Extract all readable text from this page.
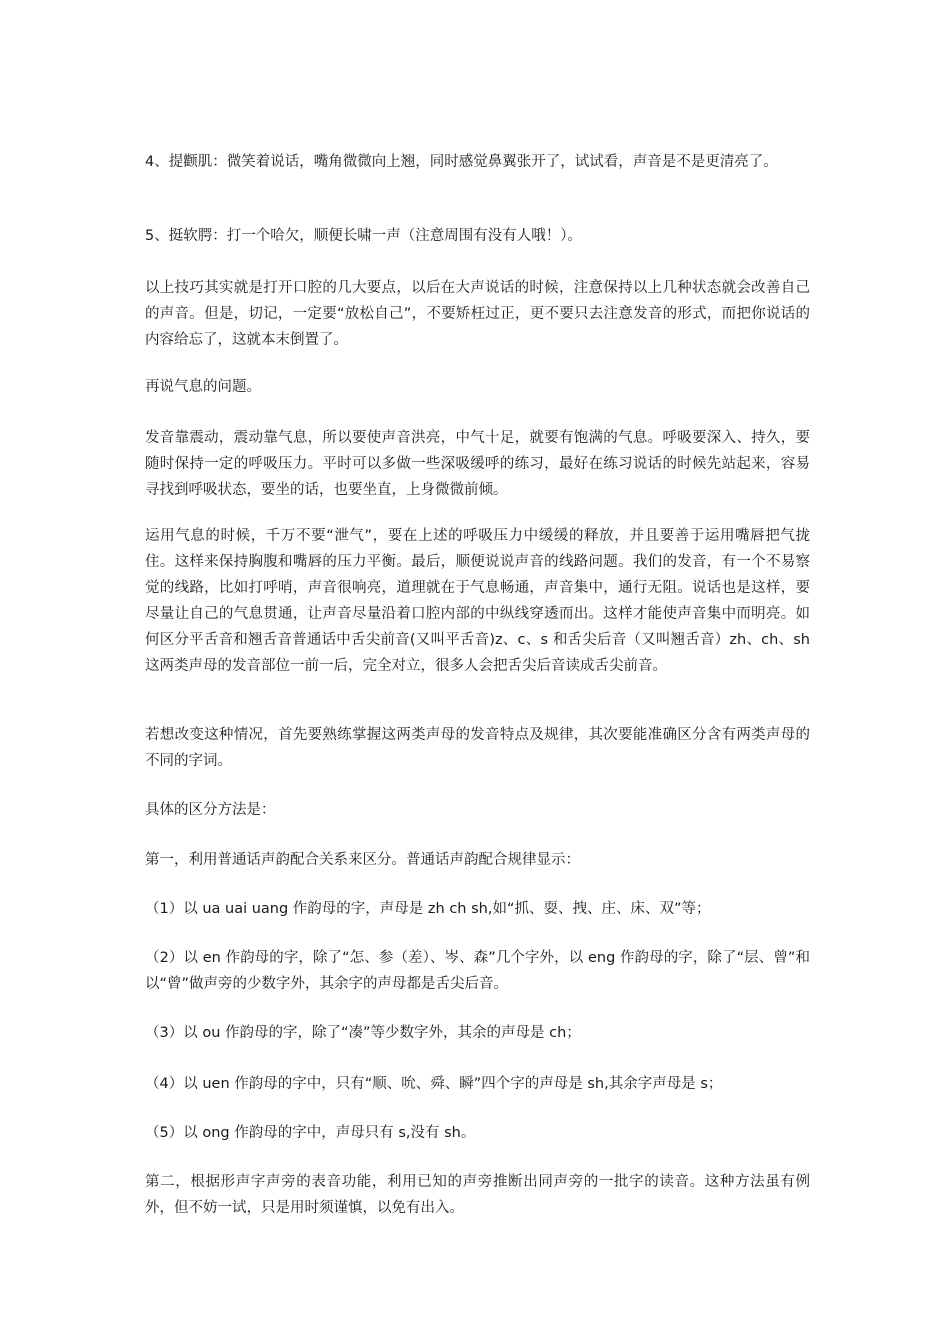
4、提颧肌：微笑着说话，嘴角微微向上翘，同时感觉鼻翼张开了，试试看，声音是不是更清亮了。

5、挺软腭：打一个哈欠，顺便长啸一声（注意周围有没有人哦！）。

以上技巧其实就是打开口腔的几大要点，以后在大声说话的时候，注意保持以上几种状态就会改善自己的声音。但是，切记，一定要“放松自己”，不要矫枉过正，更不要只去注意发音的形式，而把你说话的内容给忘了，这就本末倒置了。

再说气息的问题。

发音靠震动，震动靠气息，所以要使声音洪亮，中气十足，就要有饱满的气息。呼吸要深入、持久，要随时保持一定的呼吸压力。平时可以多做一些深吸缓呼的练习，最好在练习说话的时候先站起来，容易寻找到呼吸状态，要坐的话，也要坐直，上身微微前倾。

运用气息的时候，千万不要“泄气”，要在上述的呼吸压力中缓缓的释放，并且要善于运用嘴唇把气拢住。这样来保持胸腹和嘴唇的压力平衡。最后，顺便说说声音的线路问题。我们的发音，有一个不易察觉的线路，比如打呼哨，声音很响亮，道理就在于气息畅通，声音集中，通行无阻。说话也是这样，要尽量让自己的气息贯通，让声音尽量沿着口腔内部的中纵线穿透而出。这样才能使声音集中而明亮。如何区分平舌音和翘舌音普通话中舌尖前音(又叫平舌音)z、c、s 和舌尖后音（又叫翘舌音）zh、ch、sh 这两类声母的发音部位一前一后，完全对立，很多人会把舌尖后音读成舌尖前音。

若想改变这种情况，首先要熟练掌握这两类声母的发音特点及规律，其次要能准确区分含有两类声母的不同的字词。

具体的区分方法是：

第一，利用普通话声韵配合关系来区分。普通话声韵配合规律显示：

（1）以 ua uai uang 作韵母的字，声母是 zh ch sh,如“抓、耍、拽、庄、床、双”等；

（2）以 en 作韵母的字，除了“怎、参（差）、岑、森”几个字外，以 eng 作韵母的字，除了“层、曾”和以“曾”做声旁的少数字外，其余字的声母都是舌尖后音。

（3）以 ou 作韵母的字，除了“凑”等少数字外，其余的声母是 ch；

（4）以 uen 作韵母的字中，只有“顺、吮、舜、瞬”四个字的声母是 sh,其余字声母是 s；

（5）以 ong 作韵母的字中，声母只有 s,没有 sh。

第二，根据形声字声旁的表音功能，利用已知的声旁推断出同声旁的一批字的读音。这种方法虽有例外，但不妨一试，只是用时须谨慎，以免有出入。
